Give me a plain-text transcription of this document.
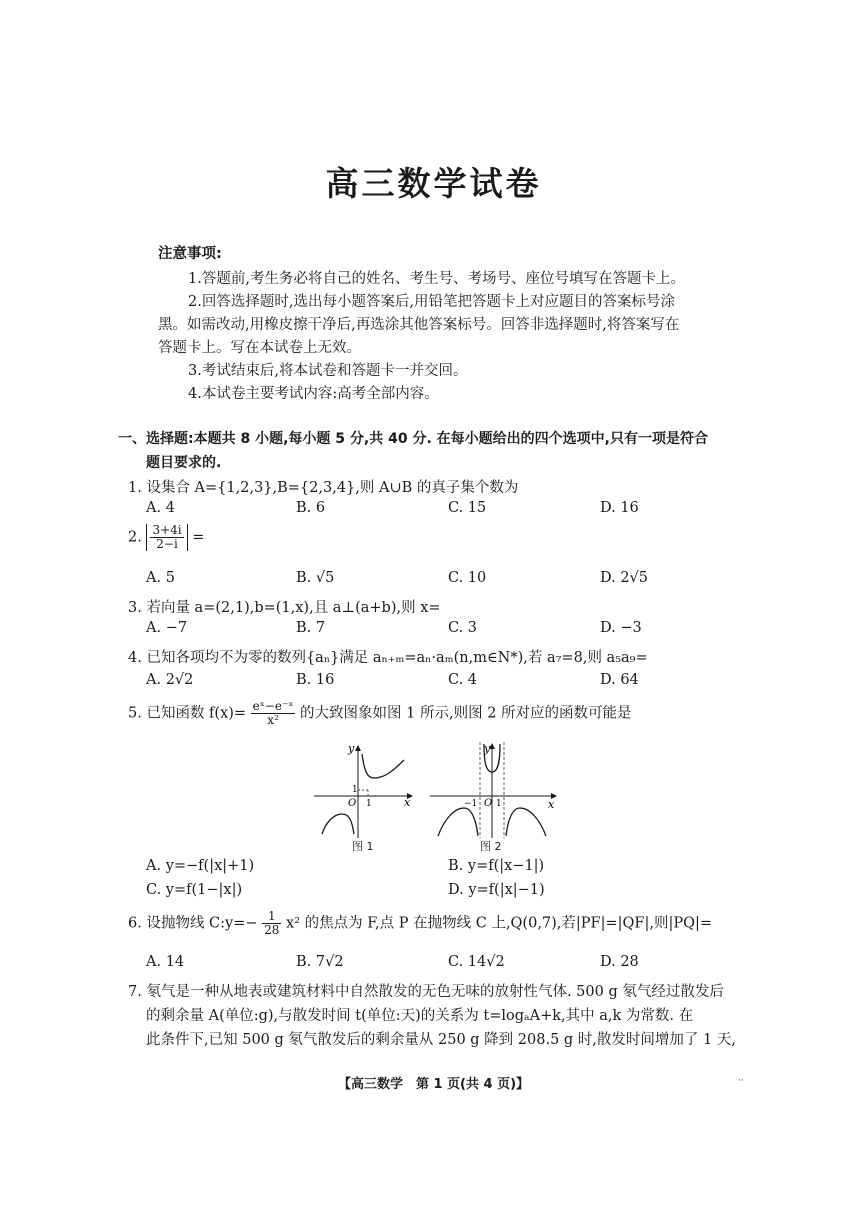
高三数学试卷
注意事项:
1.答题前,考生务必将自己的姓名、考生号、考场号、座位号填写在答题卡上。
2.回答选择题时,选出每小题答案后,用铅笔把答题卡上对应题目的答案标号涂
黑。如需改动,用橡皮擦干净后,再选涂其他答案标号。回答非选择题时,将答案写在
答题卡上。写在本试卷上无效。
3.考试结束后,将本试卷和答题卡一并交回。
4.本试卷主要考试内容:高考全部内容。
一、选择题:本题共 8 小题,每小题 5 分,共 40 分. 在每小题给出的四个选项中,只有一项是符合
题目要求的.
1. 设集合 A={1,2,3},B={2,3,4},则 A∪B 的真子集个数为
A. 4	B. 6	C. 15	D. 16
2. $\frac{3+4i}{2-i}$ =
A. 5	B. √5	C. 10	D. 2√5
3. 若向量 a=(2,1),b=(1,x),且 a⊥(a+b),则 x=
A. −7	B. 7	C. 3	D. −3
4. 已知各项均不为零的数列{aₙ}满足 aₙ₊ₘ=aₙ·aₘ(n,m∈N*),若 a₇=8,则 a₅a₉=
A. 2√2	B. 16	C. 4	D. 64
5. 已知函数 $f(x)= \frac{\text{eˣ−e⁻ˣ}}{\text{x²}}$ 的大致图象如图 1 所示,则图 2 所对应的函数可能是
y
x
O 1
1
图 1
y
x
−1 O 1
图 2
A. y=−f(|x|+1)	B. y=f(|x−1|)
C. y=f(1−|x|)	D. y=f(|x|−1)
6. 设抛物线 C:y=− $\frac{1}{28} x^2$ 的焦点为 F,点 P 在抛物线 C 上,Q(0,7),若|PF|=|QF|,则|PQ|=
A. 14	B. 7√2	C. 14√2	D. 28
7. 氡气是一种从地表或建筑材料中自然散发的无色无味的放射性气体. 500 g 氡气经过散发后
的剩余量 A(单位:g),与散发时间 t(单位:天)的关系为 t=logₐA+k,其中 a,k 为常数. 在
此条件下,已知 500 g 氡气散发后的剩余量从 250 g 降到 208.5 g 时,散发时间增加了 1 天,
【高三数学　第 1 页(共 4 页)】	··
